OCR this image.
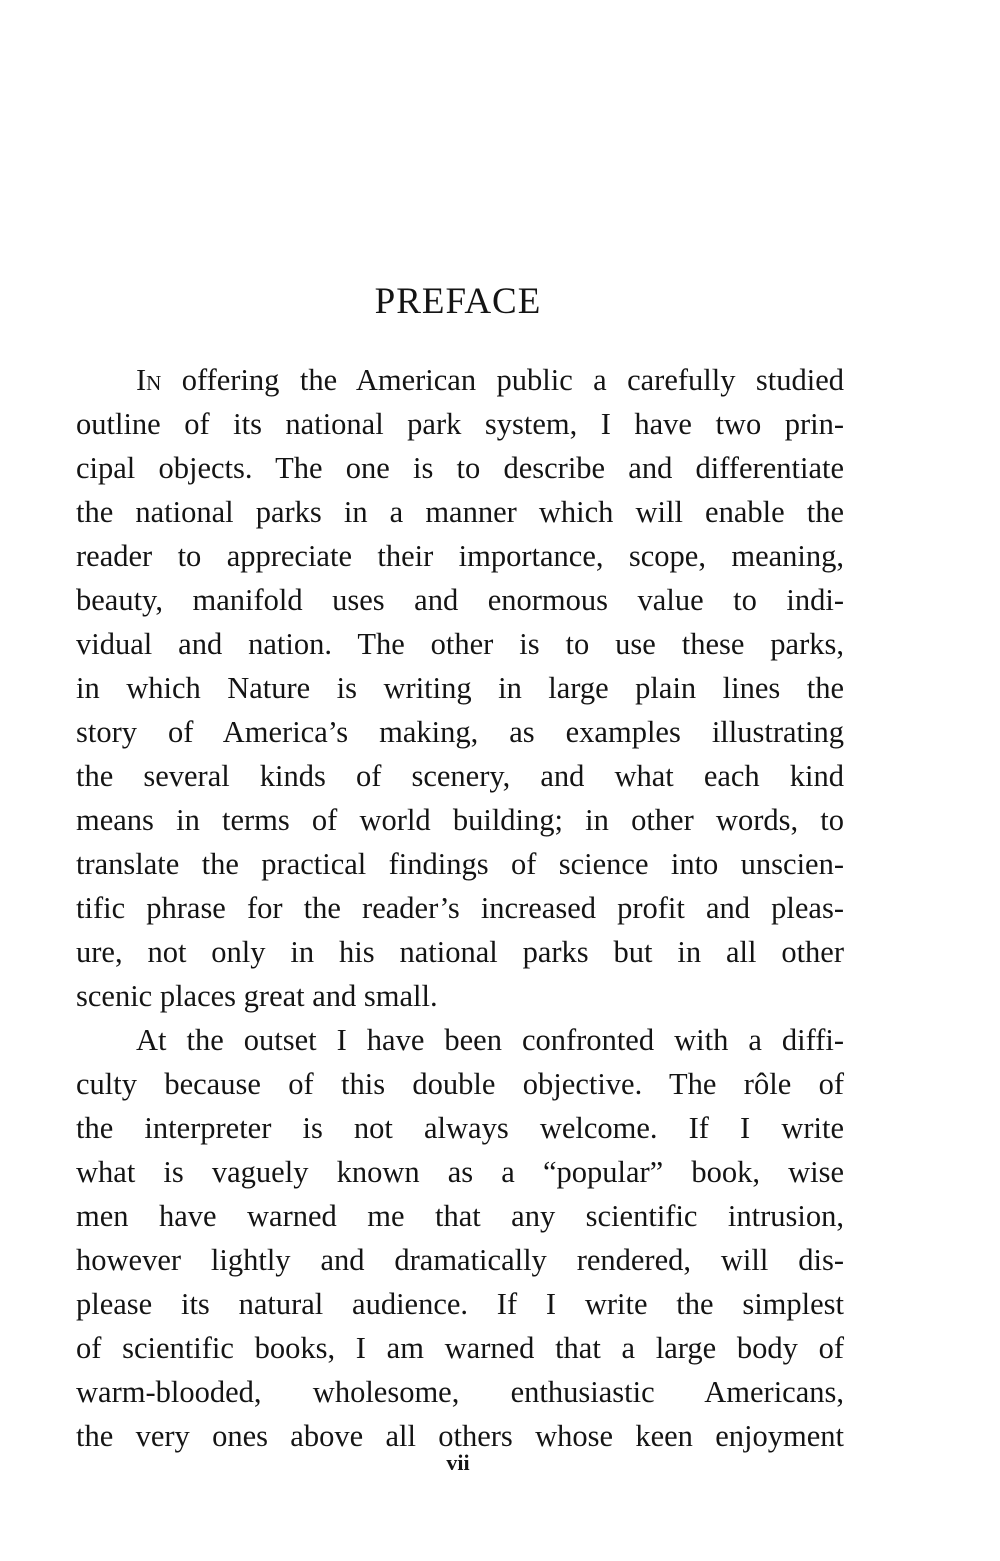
PREFACE
In offering the American public a carefully studied
outline of its national park system, I have two prin-
cipal objects. The one is to describe and differentiate
the national parks in a manner which will enable the
reader to appreciate their importance, scope, meaning,
beauty, manifold uses and enormous value to indi-
vidual and nation. The other is to use these parks,
in which Nature is writing in large plain lines the
story of America’s making, as examples illustrating
the several kinds of scenery, and what each kind
means in terms of world building; in other words, to
translate the practical findings of science into unscien-
tific phrase for the reader’s increased profit and pleas-
ure, not only in his national parks but in all other
scenic places great and small.
At the outset I have been confronted with a diffi-
culty because of this double objective. The rôle of
the interpreter is not always welcome. If I write
what is vaguely known as a “popular” book, wise
men have warned me that any scientific intrusion,
however lightly and dramatically rendered, will dis-
please its natural audience. If I write the simplest
of scientific books, I am warned that a large body of
warm-blooded, wholesome, enthusiastic Americans,
the very ones above all others whose keen enjoyment
vii
